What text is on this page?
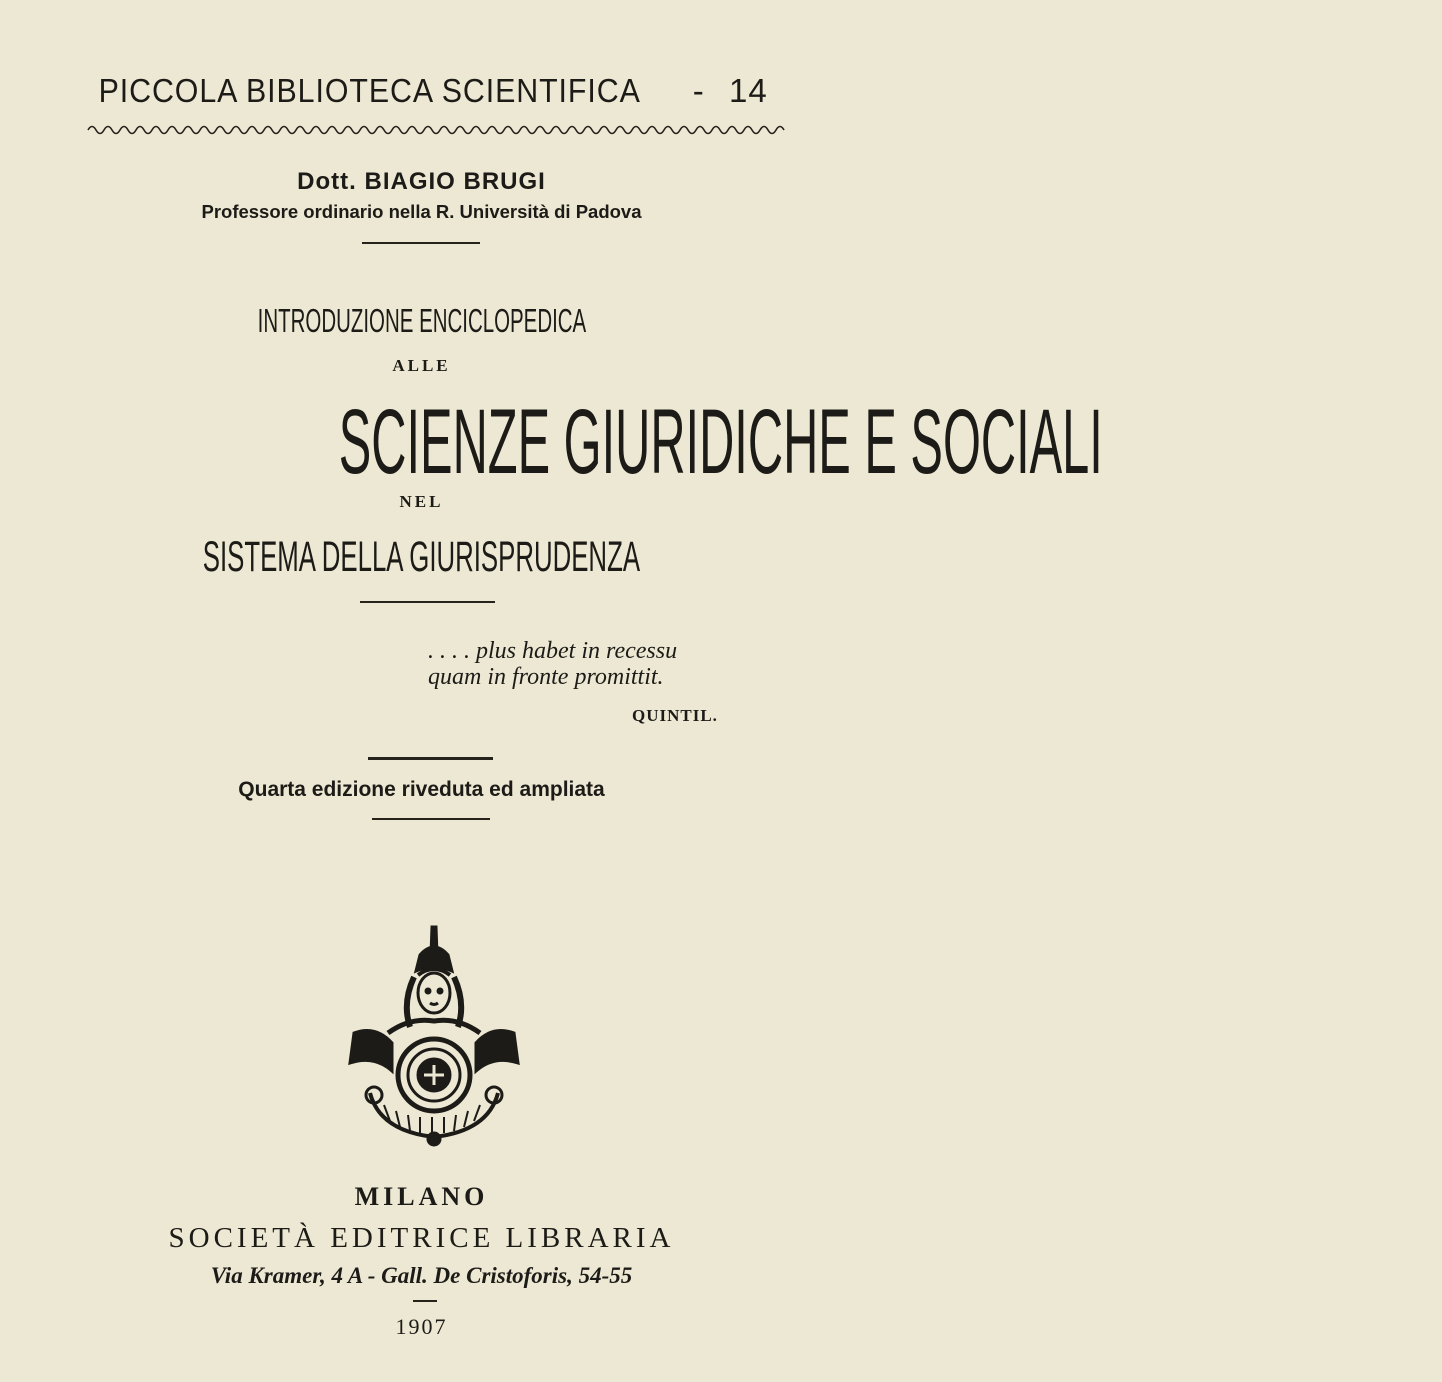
PICCOLA BIBLIOTECA SCIENTIFICA - 14
Dott. BIAGIO BRUGI
Professore ordinario nella R. Università di Padova
INTRODUZIONE ENCICLOPEDICA
ALLE
SCIENZE GIURIDICHE E SOCIALI
NEL
SISTEMA DELLA GIURISPRUDENZA
. . . . plus habet in recessu
quam in fronte promittit.
QUINTIL.
Quarta edizione riveduta ed ampliata
MILANO
SOCIETÀ EDITRICE LIBRARIA
Via Kramer, 4 A - Gall. De Cristoforis, 54-55
1907
